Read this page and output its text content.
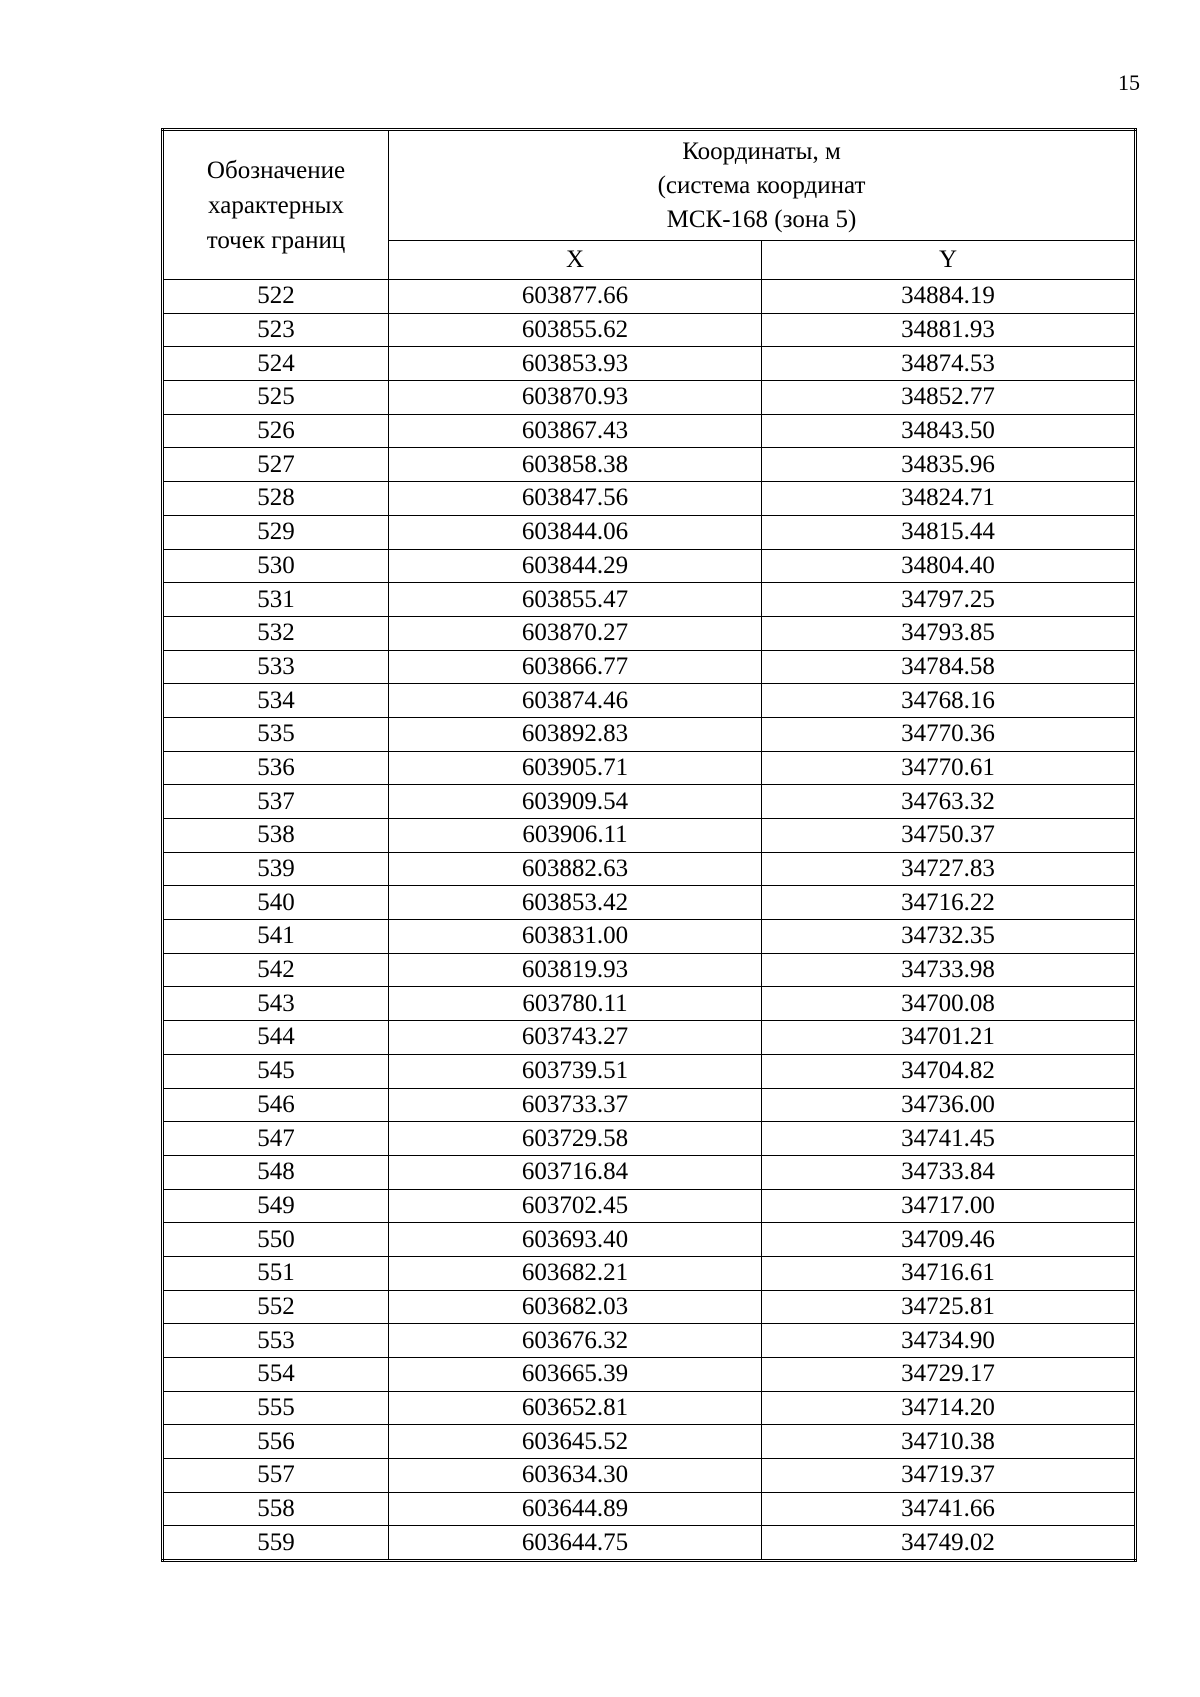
15
Обозначение
характерных
точек границ	Координаты, м
(система координат
МСК-168 (зона 5)	

	X	Y
522	603877.66	34884.19
523	603855.62	34881.93
524	603853.93	34874.53
525	603870.93	34852.77
526	603867.43	34843.50
527	603858.38	34835.96
528	603847.56	34824.71
529	603844.06	34815.44
530	603844.29	34804.40
531	603855.47	34797.25
532	603870.27	34793.85
533	603866.77	34784.58
534	603874.46	34768.16
535	603892.83	34770.36
536	603905.71	34770.61
537	603909.54	34763.32
538	603906.11	34750.37
539	603882.63	34727.83
540	603853.42	34716.22
541	603831.00	34732.35
542	603819.93	34733.98
543	603780.11	34700.08
544	603743.27	34701.21
545	603739.51	34704.82
546	603733.37	34736.00
547	603729.58	34741.45
548	603716.84	34733.84
549	603702.45	34717.00
550	603693.40	34709.46
551	603682.21	34716.61
552	603682.03	34725.81
553	603676.32	34734.90
554	603665.39	34729.17
555	603652.81	34714.20
556	603645.52	34710.38
557	603634.30	34719.37
558	603644.89	34741.66
559	603644.75	34749.02
